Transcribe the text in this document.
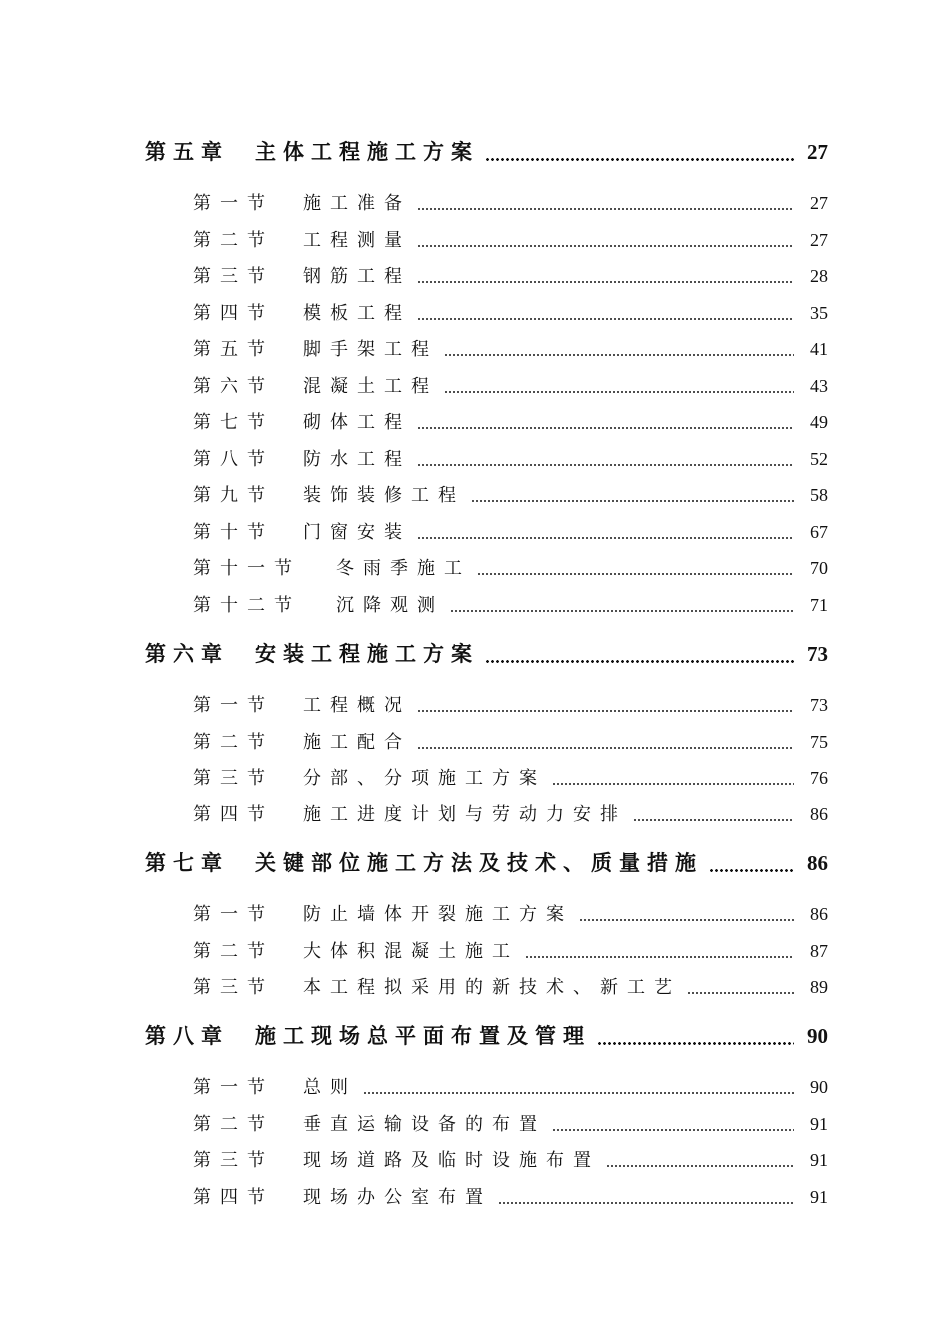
第五章	主体工程施工方案	27
第一节	施工准备	27
第二节	工程测量	27
第三节	钢筋工程	28
第四节	模板工程	35
第五节	脚手架工程	41
第六节	混凝土工程	43
第七节	砌体工程	49
第八节	防水工程	52
第九节	装饰装修工程	58
第十节	门窗安装	67
第十一节	冬雨季施工	70
第十二节	沉降观测	71
第六章	安装工程施工方案	73
第一节	工程概况	73
第二节	施工配合	75
第三节	分部、分项施工方案	76
第四节	施工进度计划与劳动力安排	86
第七章	关键部位施工方法及技术、质量措施	86
第一节	防止墙体开裂施工方案	86
第二节	大体积混凝土施工	87
第三节	本工程拟采用的新技术、新工艺	89
第八章	施工现场总平面布置及管理	90
第一节	总则	90
第二节	垂直运输设备的布置	91
第三节	现场道路及临时设施布置	91
第四节	现场办公室布置	91
